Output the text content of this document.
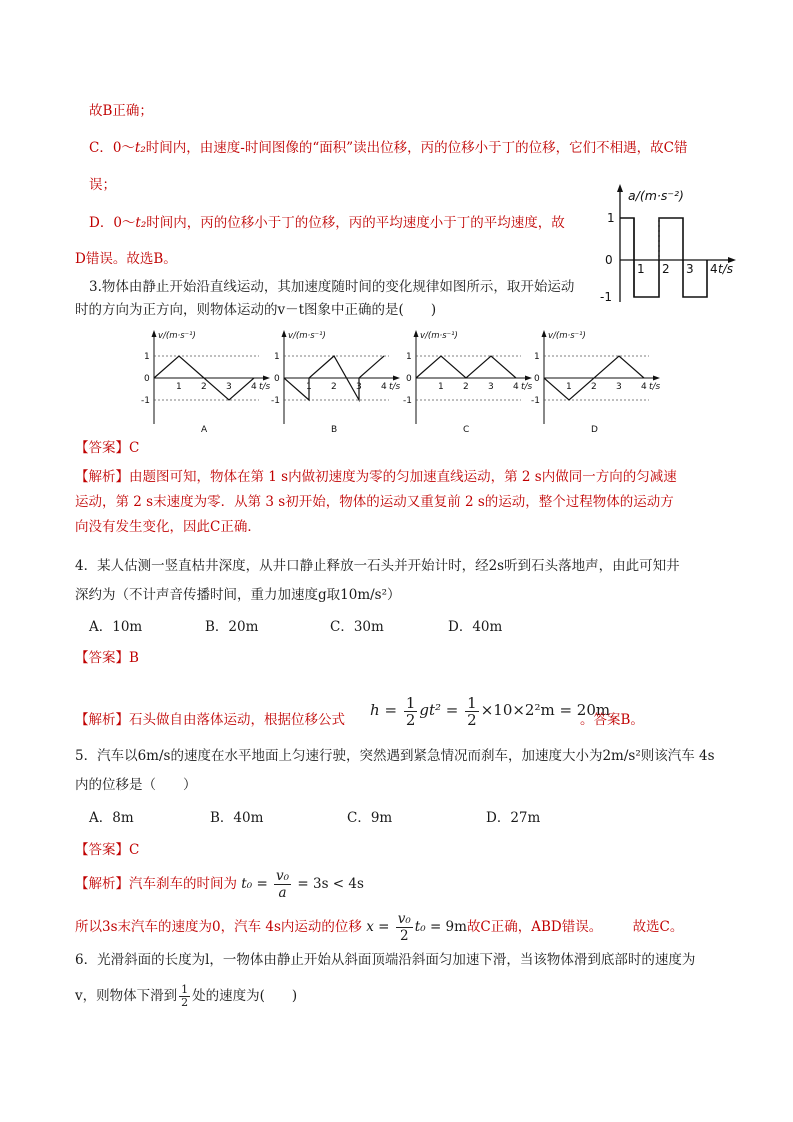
故B正确；
C．0～t₂时间内，由速度-时间图像的“面积”读出位移，丙的位移小于丁的位移，它们不相遇，故C错
误；
D．0～t₂时间内，丙的位移小于丁的位移，丙的平均速度小于丁的平均速度，故
D错误。故选B。
a/(m·s⁻²)
1
0
-1
1 2 3 4 t/s
3.物体由静止开始沿直线运动，其加速度随时间的变化规律如图所示，取开始运动
时的方向为正方向，则物体运动的v－t图象中正确的是(　　)
v/(m·s⁻¹)
1
0
-1
1 2 3 4 t/s
A
v/(m·s⁻¹)
1
0
-1
1 2 3 4 t/s
B
v/(m·s⁻¹)
1
0
-1
1 2 3 4 t/s
C
v/(m·s⁻¹)
1
0
-1
1 2 3 4 t/s
D
【答案】C
【解析】由题图可知，物体在第 1 s内做初速度为零的匀加速直线运动，第 2 s内做同一方向的匀减速
运动，第 2 s末速度为零．从第 3 s初开始，物体的运动又重复前 2 s的运动，整个过程物体的运动方
向没有发生变化，因此C正确．
4．某人估测一竖直枯井深度，从井口静止释放一石头并开始计时，经2s听到石头落地声，由此可知井
深约为（不计声音传播时间，重力加速度g取10m/s²）
A．10m	B．20m	C．30m	D．40m
【答案】B
【解析】石头做自由落体运动，根据位移公式
$h = \frac{1}{2} gt^2 = \frac{1}{2} \times 10\times 2^2m = 20m$
。答案B。
5．汽车以6m/s的速度在水平地面上匀速行驶，突然遇到紧急情况而刹车，加速度大小为2m/s²则该汽车 4s
内的位移是（　　）
A．8m	B．40m	C．9m	D．27m
【答案】C
【解析】汽车刹车的时间为 $t_0 = \frac{\text{v₀}}{a} = 3s < 4s$
所以3s末汽车的速度为0，汽车 4s内运动的位移 $x = \frac{\text{v₀}}{2} t_0 = 9m$故C正确，ABD错误。 故选C。
6．光滑斜面的长度为l，一物体由静止开始从斜面顶端沿斜面匀加速下滑，当该物体滑到底部时的速度为
v，则物体下滑到 $\frac{1}{2}$ 处的速度为(　　)
